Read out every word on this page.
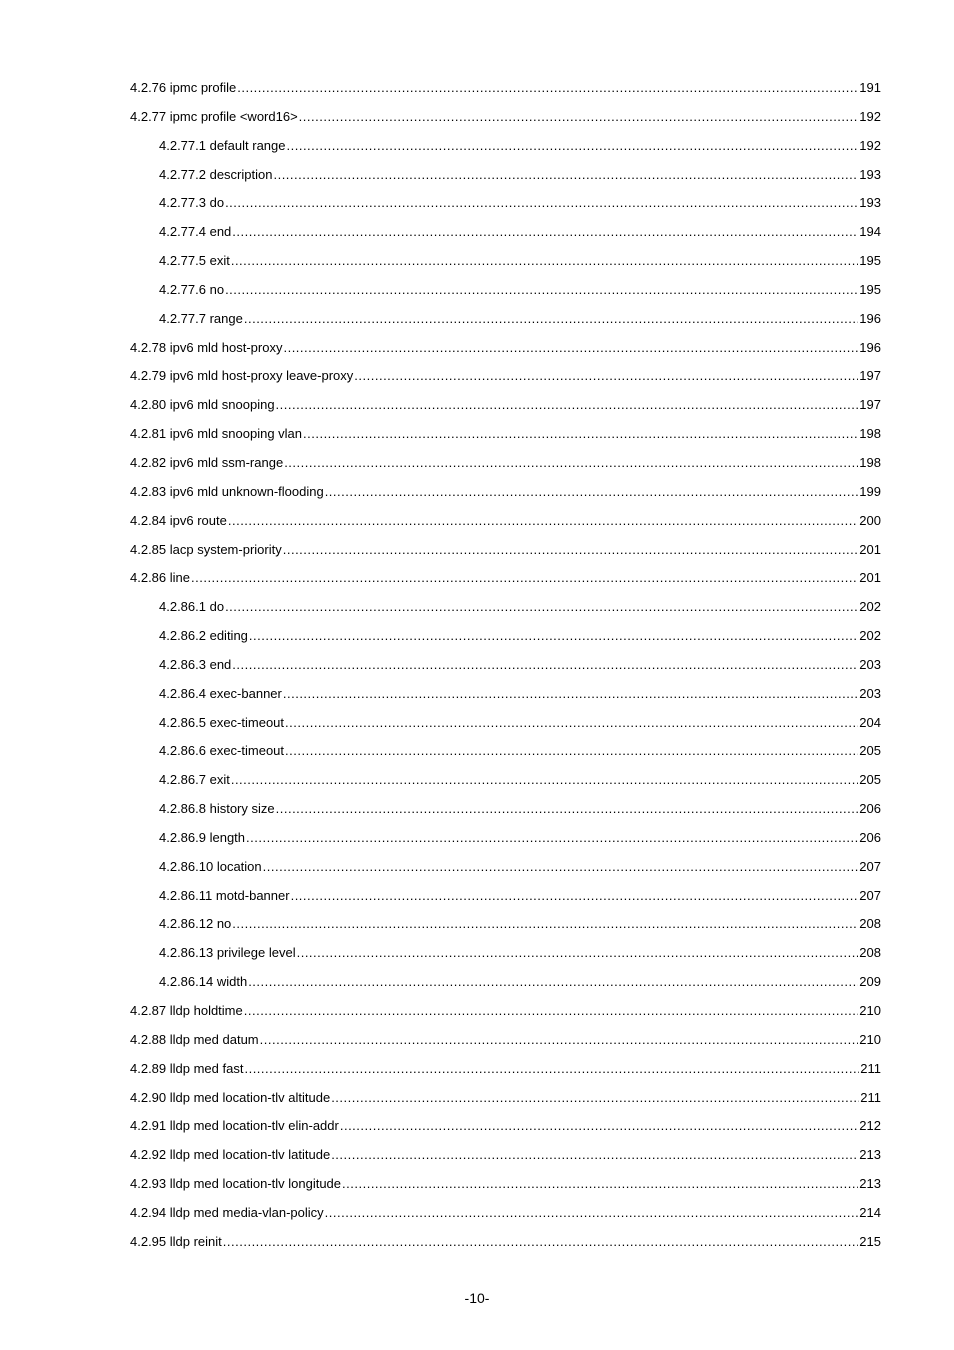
4.2.76 ipmc profile .....	191
4.2.77 ipmc profile <word16> .....	192
4.2.77.1 default range .....	192
4.2.77.2 description .....	193
4.2.77.3 do .....	193
4.2.77.4 end .....	194
4.2.77.5 exit .....	195
4.2.77.6 no .....	195
4.2.77.7 range .....	196
4.2.78 ipv6 mld host-proxy .....	196
4.2.79 ipv6 mld host-proxy leave-proxy .....	197
4.2.80 ipv6 mld snooping .....	197
4.2.81 ipv6 mld snooping vlan .....	198
4.2.82 ipv6 mld ssm-range .....	198
4.2.83 ipv6 mld unknown-flooding .....	199
4.2.84 ipv6 route .....	200
4.2.85 lacp system-priority .....	201
4.2.86 line .....	201
4.2.86.1 do .....	202
4.2.86.2 editing .....	202
4.2.86.3 end .....	203
4.2.86.4 exec-banner .....	203
4.2.86.5 exec-timeout .....	204
4.2.86.6 exec-timeout .....	205
4.2.86.7 exit .....	205
4.2.86.8 history size .....	206
4.2.86.9 length .....	206
4.2.86.10 location .....	207
4.2.86.11 motd-banner .....	207
4.2.86.12 no .....	208
4.2.86.13 privilege level .....	208
4.2.86.14 width .....	209
4.2.87 lldp holdtime .....	210
4.2.88 lldp med datum .....	210
4.2.89 lldp med fast .....	211
4.2.90 lldp med location-tlv altitude .....	211
4.2.91 lldp med location-tlv elin-addr .....	212
4.2.92 lldp med location-tlv latitude .....	213
4.2.93 lldp med location-tlv longitude .....	213
4.2.94 lldp med media-vlan-policy .....	214
4.2.95 lldp reinit .....	215
-10-
